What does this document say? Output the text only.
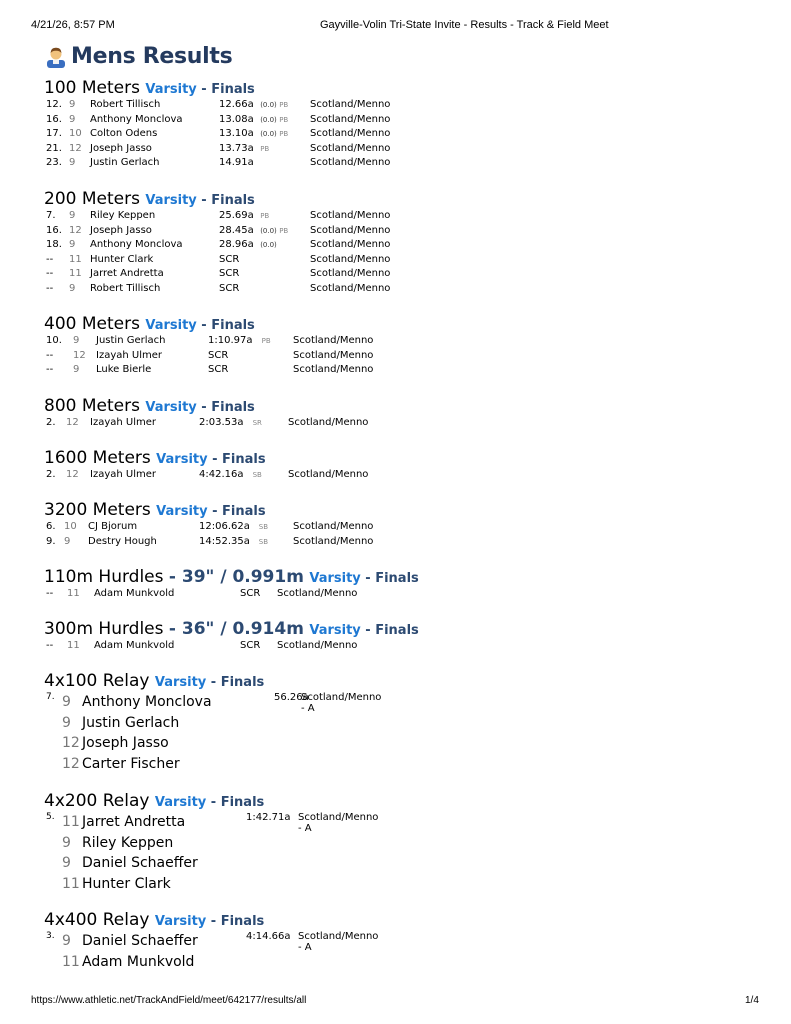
4/21/26, 8:57 PM	Gayville-Volin Tri-State Invite - Results - Track & Field Meet
https://www.athletic.net/TrackAndField/meet/642177/results/all	1/4
Mens Results
100 Meters Varsity - Finals
12. 9 Robert Tillisch	12.66a (0.0) PB Scotland/Menno
16. 9 Anthony Monclova	13.08a (0.0) PB Scotland/Menno
17. 10 Colton Odens	13.10a (0.0) PB Scotland/Menno
21. 12 Joseph Jasso	13.73a PB	Scotland/Menno
23. 9 Justin Gerlach	14.91a	Scotland/Menno
200 Meters Varsity - Finals
7. 9 Riley Keppen	25.69a PB	Scotland/Menno
16. 12 Joseph Jasso	28.45a (0.0) PB Scotland/Menno
18. 9 Anthony Monclova	28.96a (0.0)	Scotland/Menno
-- 11 Hunter Clark	SCR	Scotland/Menno
-- 11 Jarret Andretta	SCR	Scotland/Menno
-- 9 Robert Tillisch	SCR	Scotland/Menno
400 Meters Varsity - Finals
10. 9 Justin Gerlach	1:10.97a PB Scotland/Menno
-- 12 Izayah Ulmer	SCR	Scotland/Menno
-- 9 Luke Bierle	SCR	Scotland/Menno
800 Meters Varsity - Finals
2. 12 Izayah Ulmer	2:03.53a SR	Scotland/Menno
1600 Meters Varsity - Finals
2. 12 Izayah Ulmer	4:42.16a SB	Scotland/Menno
3200 Meters Varsity - Finals
6. 10 CJ Bjorum	12:06.62a SB Scotland/Menno
9. 9 Destry Hough	14:52.35a SB Scotland/Menno
110m Hurdles - 39" / 0.991m Varsity - Finals
-- 11 Adam Munkvold	SCR Scotland/Menno
300m Hurdles - 36" / 0.914m Varsity - Finals
-- 11 Adam Munkvold	SCR Scotland/Menno
4x100 Relay Varsity - Finals
7.	56.26a
Scotland/Menno - A
9 Anthony Monclova
9 Justin Gerlach
12 Joseph Jasso
12 Carter Fischer
4x200 Relay Varsity - Finals
5.	1:42.71a Scotland/Menno - A
11 Jarret Andretta
9 Riley Keppen
9 Daniel Schaeffer
11 Hunter Clark
4x400 Relay Varsity - Finals
3.	4:14.66a Scotland/Menno - A
9 Daniel Schaeffer
11 Adam Munkvold
